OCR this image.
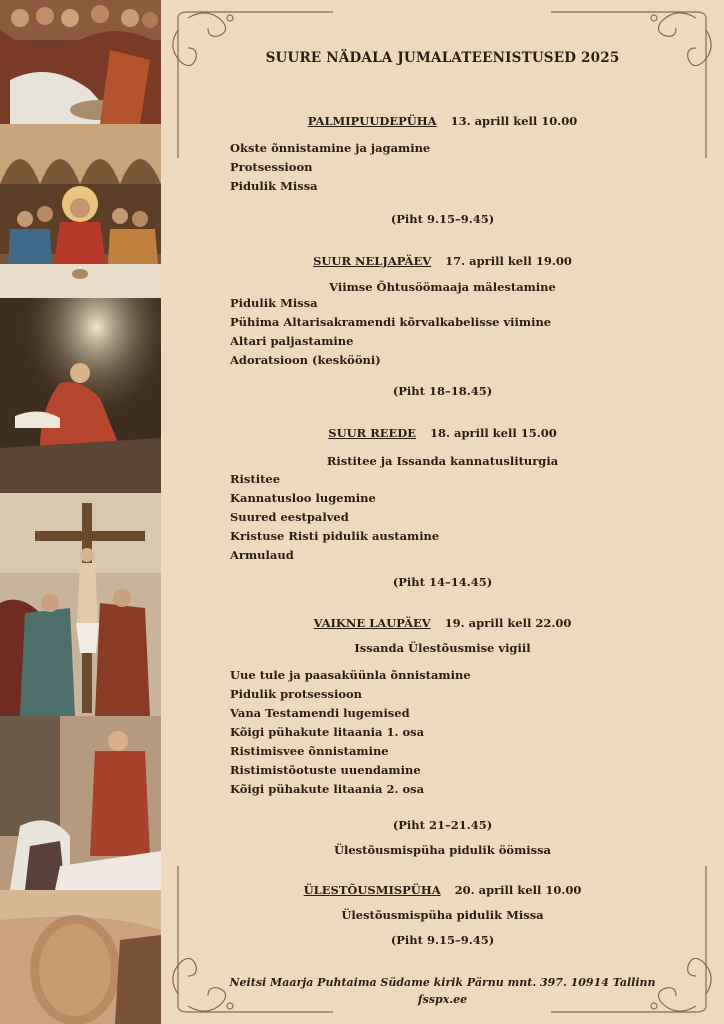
SUURE NÄDALA JUMALATEENISTUSED 2025
PALMIPUUDEPÜHA 13. aprill kell 10.00
Okste õnnistamine ja jagamine
Protsessioon
Pidulik Missa
(Piht 9.15–9.45)
SUUR NELJAPÄEV 17. aprill kell 19.00
Viimse Õhtusöömaaja mälestamine
Pidulik Missa
Pühima Altarisakramendi kõrvalkabelisse viimine
Altari paljastamine
Adoratsioon (keskööni)
(Piht 18–18.45)
SUUR REEDE 18. aprill kell 15.00
Ristitee ja Issanda kannatusliturgia
Ristitee
Kannatusloo lugemine
Suured eestpalved
Kristuse Risti pidulik austamine
Armulaud
(Piht 14–14.45)
VAIKNE LAUPÄEV 19. aprill kell 22.00
Issanda Ülestõusmise vigiil
Uue tule ja paasaküünla õnnistamine
Pidulik protsessioon
Vana Testamendi lugemised
Kõigi pühakute litaania 1. osa
Ristimisvee õnnistamine
Ristimistõotuste uuendamine
Kõigi pühakute litaania 2. osa
(Piht 21–21.45)
Ülestõusmispüha pidulik öömissa
ÜLESTÕUSMISPÜHA 20. aprill kell 10.00
Ülestõusmispüha pidulik Missa
(Piht 9.15–9.45)
Neitsi Maarja Puhtaima Südame kirik Pärnu mnt. 397. 10914 Tallinn
fsspx.ee
